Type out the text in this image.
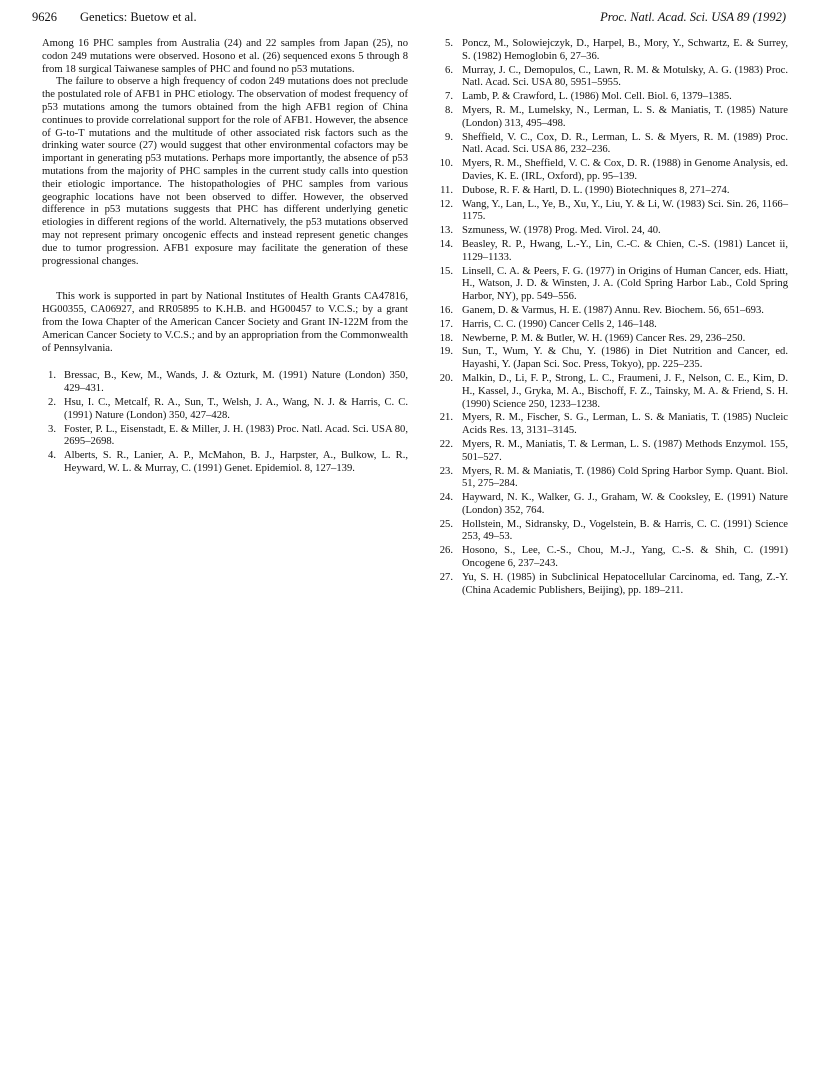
9626 Genetics: Buetow et al.	Proc. Natl. Acad. Sci. USA 89 (1992)

Among 16 PHC samples from Australia (24) and 22 samples from Japan (25), no codon 249 mutations were observed. Hosono et al. (26) sequenced exons 5 through 8 from 18 surgical Taiwanese samples of PHC and found no p53 mutations.

The failure to observe a high frequency of codon 249 mutations does not preclude the postulated role of AFB1 in PHC etiology. The observation of modest frequency of p53 mutations among the tumors obtained from the high AFB1 region of China continues to provide correlational support for the role of AFB1. However, the absence of G-to-T mutations and the multitude of other associated risk factors such as the drinking water source (27) would suggest that other environmental cofactors may be important in generating p53 mutations. Perhaps more importantly, the absence of p53 mutations from the majority of PHC samples in the current study calls into question their etiologic importance. The histopathologies of PHC samples from various geographic locations have not been observed to differ. However, the observed difference in p53 mutations suggests that PHC has different underlying genetic etiologies in different regions of the world. Alternatively, the p53 mutations observed may not represent primary oncogenic effects and instead represent genetic changes due to tumor progression. AFB1 exposure may facilitate the generation of these progressional changes.

This work is supported in part by National Institutes of Health Grants CA47816, HG00355, CA06927, and RR05895 to K.H.B. and HG00457 to V.C.S.; by a grant from the Iowa Chapter of the American Cancer Society and Grant IN-122M from the American Cancer Society to V.C.S.; and by an appropriation from the Commonwealth of Pennsylvania.

1. Bressac, B., Kew, M., Wands, J. & Ozturk, M. (1991) Nature (London) 350, 429–431.
2. Hsu, I. C., Metcalf, R. A., Sun, T., Welsh, J. A., Wang, N. J. & Harris, C. C. (1991) Nature (London) 350, 427–428.
3. Foster, P. L., Eisenstadt, E. & Miller, J. H. (1983) Proc. Natl. Acad. Sci. USA 80, 2695–2698.
4. Alberts, S. R., Lanier, A. P., McMahon, B. J., Harpster, A., Bulkow, L. R., Heyward, W. L. & Murray, C. (1991) Genet. Epidemiol. 8, 127–139.
5. Poncz, M., Solowiejczyk, D., Harpel, B., Mory, Y., Schwartz, E. & Surrey, S. (1982) Hemoglobin 6, 27–36.
6. Murray, J. C., Demopulos, C., Lawn, R. M. & Motulsky, A. G. (1983) Proc. Natl. Acad. Sci. USA 80, 5951–5955.
7. Lamb, P. & Crawford, L. (1986) Mol. Cell. Biol. 6, 1379–1385.
8. Myers, R. M., Lumelsky, N., Lerman, L. S. & Maniatis, T. (1985) Nature (London) 313, 495–498.
9. Sheffield, V. C., Cox, D. R., Lerman, L. S. & Myers, R. M. (1989) Proc. Natl. Acad. Sci. USA 86, 232–236.
10. Myers, R. M., Sheffield, V. C. & Cox, D. R. (1988) in Genome Analysis, ed. Davies, K. E. (IRL, Oxford), pp. 95–139.
11. Dubose, R. F. & Hartl, D. L. (1990) Biotechniques 8, 271–274.
12. Wang, Y., Lan, L., Ye, B., Xu, Y., Liu, Y. & Li, W. (1983) Sci. Sin. 26, 1166–1175.
13. Szmuness, W. (1978) Prog. Med. Virol. 24, 40.
14. Beasley, R. P., Hwang, L.-Y., Lin, C.-C. & Chien, C.-S. (1981) Lancet ii, 1129–1133.
15. Linsell, C. A. & Peers, F. G. (1977) in Origins of Human Cancer, eds. Hiatt, H., Watson, J. D. & Winsten, J. A. (Cold Spring Harbor Lab., Cold Spring Harbor, NY), pp. 549–556.
16. Ganem, D. & Varmus, H. E. (1987) Annu. Rev. Biochem. 56, 651–693.
17. Harris, C. C. (1990) Cancer Cells 2, 146–148.
18. Newberne, P. M. & Butler, W. H. (1969) Cancer Res. 29, 236–250.
19. Sun, T., Wum, Y. & Chu, Y. (1986) in Diet Nutrition and Cancer, ed. Hayashi, Y. (Japan Sci. Soc. Press, Tokyo), pp. 225–235.
20. Malkin, D., Li, F. P., Strong, L. C., Fraumeni, J. F., Nelson, C. E., Kim, D. H., Kassel, J., Gryka, M. A., Bischoff, F. Z., Tainsky, M. A. & Friend, S. H. (1990) Science 250, 1233–1238.
21. Myers, R. M., Fischer, S. G., Lerman, L. S. & Maniatis, T. (1985) Nucleic Acids Res. 13, 3131–3145.
22. Myers, R. M., Maniatis, T. & Lerman, L. S. (1987) Methods Enzymol. 155, 501–527.
23. Myers, R. M. & Maniatis, T. (1986) Cold Spring Harbor Symp. Quant. Biol. 51, 275–284.
24. Hayward, N. K., Walker, G. J., Graham, W. & Cooksley, E. (1991) Nature (London) 352, 764.
25. Hollstein, M., Sidransky, D., Vogelstein, B. & Harris, C. C. (1991) Science 253, 49–53.
26. Hosono, S., Lee, C.-S., Chou, M.-J., Yang, C.-S. & Shih, C. (1991) Oncogene 6, 237–243.
27. Yu, S. H. (1985) in Subclinical Hepatocellular Carcinoma, ed. Tang, Z.-Y. (China Academic Publishers, Beijing), pp. 189–211.
